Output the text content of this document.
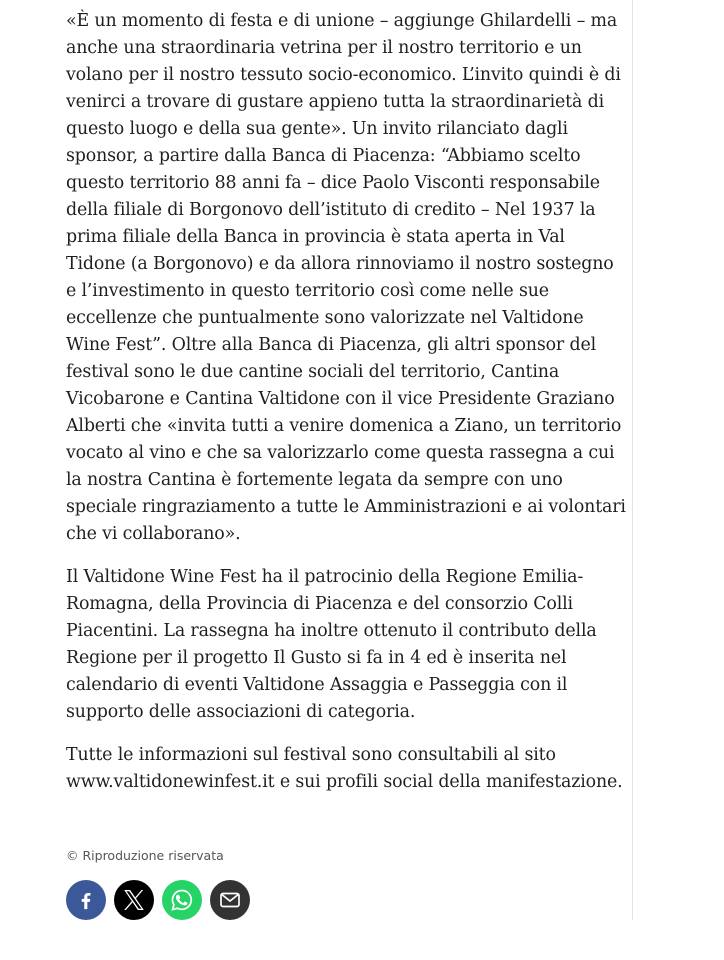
«È un momento di festa e di unione – aggiunge Ghilardelli – ma anche una straordinaria vetrina per il nostro territorio e un volano per il nostro tessuto socio-economico. L’invito quindi è di venirci a trovare di gustare appieno tutta la straordinarietà di questo luogo e della sua gente». Un invito rilanciato dagli sponsor, a partire dalla Banca di Piacenza: “Abbiamo scelto questo territorio 88 anni fa – dice Paolo Visconti responsabile della filiale di Borgonovo dell’istituto di credito – Nel 1937 la prima filiale della Banca in provincia è stata aperta in Val Tidone (a Borgonovo) e da allora rinnoviamo il nostro sostegno e l’investimento in questo territorio così come nelle sue eccellenze che puntualmente sono valorizzate nel Valtidone Wine Fest”. Oltre alla Banca di Piacenza, gli altri sponsor del festival sono le due cantine sociali del territorio, Cantina Vicobarone e Cantina Valtidone con il vice Presidente Graziano Alberti che «invita tutti a venire domenica a Ziano, un territorio vocato al vino e che sa valorizzarlo come questa rassegna a cui la nostra Cantina è fortemente legata da sempre con uno speciale ringraziamento a tutte le Amministrazioni e ai volontari che vi collaborano».

Il Valtidone Wine Fest ha il patrocinio della Regione Emilia-Romagna, della Provincia di Piacenza e del consorzio Colli Piacentini. La rassegna ha inoltre ottenuto il contributo della Regione per il progetto Il Gusto si fa in 4 ed è inserita nel calendario di eventi Valtidone Assaggia e Passeggia con il supporto delle associazioni di categoria.

Tutte le informazioni sul festival sono consultabili al sito www.valtidonewinfest.it e sui profili social della manifestazione.

© Riproduzione riservata
